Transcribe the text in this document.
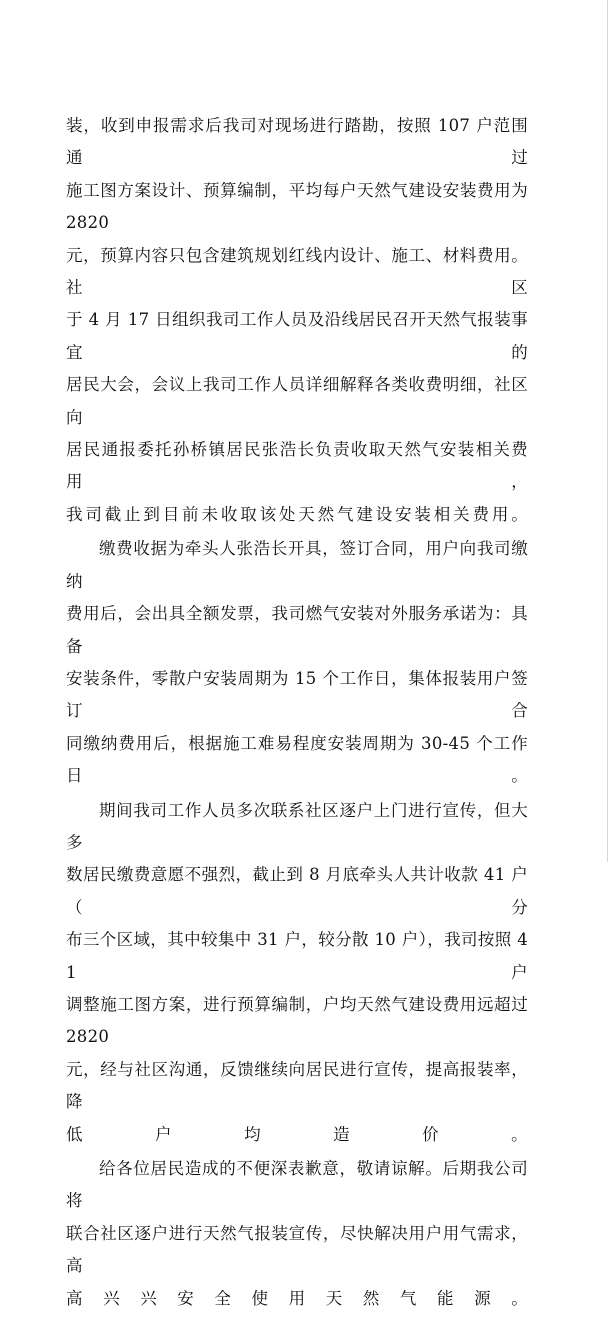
装，收到申报需求后我司对现场进行踏勘，按照 107 户范围通过
施工图方案设计、预算编制，平均每户天然气建设安装费用为 2820
元，预算内容只包含建筑规划红线内设计、施工、材料费用。社区
于 4 月 17 日组织我司工作人员及沿线居民召开天然气报装事宜的
居民大会，会议上我司工作人员详细解释各类收费明细，社区向
居民通报委托孙桥镇居民张浩长负责收取天然气安装相关费用，
我司截止到目前未收取该处天然气建设安装相关费用。

缴费收据为牵头人张浩长开具，签订合同，用户向我司缴纳
费用后，会出具全额发票，我司燃气安装对外服务承诺为：具备
安装条件，零散户安装周期为 15 个工作日，集体报装用户签订合
同缴纳费用后，根据施工难易程度安装周期为 30-45 个工作日。

期间我司工作人员多次联系社区逐户上门进行宣传，但大多
数居民缴费意愿不强烈，截止到 8 月底牵头人共计收款 41 户（分
布三个区域，其中较集中 31 户，较分散 10 户），我司按照 41 户
调整施工图方案，进行预算编制，户均天然气建设费用远超过 2820
元，经与社区沟通，反馈继续向居民进行宣传，提高报装率，降
低户均造价。

给各位居民造成的不便深表歉意，敬请谅解。后期我公司将
联合社区逐户进行天然气报装宣传，尽快解决用户用气需求，高
高兴兴安全使用天然气能源。
